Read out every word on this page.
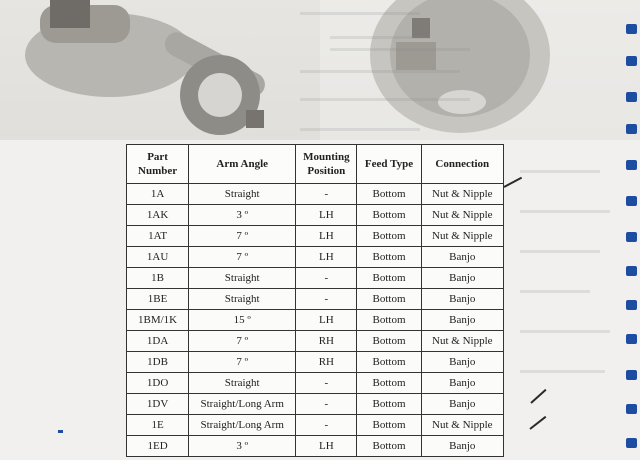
Part Number	Arm Angle	Mounting Position	Feed Type	Connection
1A	Straight	-	Bottom	Nut & Nipple
1AK	3 º	LH	Bottom	Nut & Nipple
1AT	7 º	LH	Bottom	Nut & Nipple
1AU	7 º	LH	Bottom	Banjo
1B	Straight	-	Bottom	Banjo
1BE	Straight	-	Bottom	Banjo
1BM/1K	15 º	LH	Bottom	Banjo
1DA	7 º	RH	Bottom	Nut & Nipple
1DB	7 º	RH	Bottom	Banjo
1DO	Straight	-	Bottom	Banjo
1DV	Straight/Long Arm	-	Bottom	Banjo
1E	Straight/Long Arm	-	Bottom	Nut & Nipple
1ED	3 º	LH	Bottom	Banjo
